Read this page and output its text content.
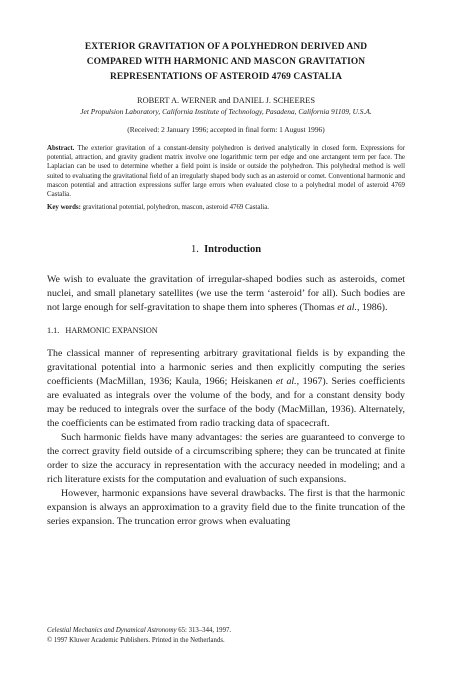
EXTERIOR GRAVITATION OF A POLYHEDRON DERIVED AND
COMPARED WITH HARMONIC AND MASCON GRAVITATION
REPRESENTATIONS OF ASTEROID 4769 CASTALIA
ROBERT A. WERNER and DANIEL J. SCHEERES
Jet Propulsion Laboratory, California Institute of Technology, Pasadena, California 91109, U.S.A.
(Received: 2 January 1996; accepted in final form: 1 August 1996)
Abstract. The exterior gravitation of a constant-density polyhedron is derived analytically in closed form. Expressions for potential, attraction, and gravity gradient matrix involve one logarithmic term per edge and one arctangent term per face. The Laplacian can be used to determine whether a field point is inside or outside the polyhedron. This polyhedral method is well suited to evaluating the gravitational field of an irregularly shaped body such as an asteroid or comet. Conventional harmonic and mascon potential and attraction expressions suffer large errors when evaluated close to a polyhedral model of asteroid 4769 Castalia.
Key words: gravitational potential, polyhedron, mascon, asteroid 4769 Castalia.
1. Introduction

We wish to evaluate the gravitation of irregular-shaped bodies such as asteroids, comet nuclei, and small planetary satellites (we use the term ‘asteroid’ for all). Such bodies are not large enough for self-gravitation to shape them into spheres (Thomas et al., 1986).

1.1. HARMONIC EXPANSION

The classical manner of representing arbitrary gravitational fields is by expanding the gravitational potential into a harmonic series and then explicitly computing the series coefficients (MacMillan, 1936; Kaula, 1966; Heiskanen et al., 1967). Series coefficients are evaluated as integrals over the volume of the body, and for a constant density body may be reduced to integrals over the surface of the body (MacMillan, 1936). Alternately, the coefficients can be estimated from radio tracking data of spacecraft.

Such harmonic fields have many advantages: the series are guaranteed to converge to the correct gravity field outside of a circumscribing sphere; they can be truncated at finite order to size the accuracy in representation with the accuracy needed in modeling; and a rich literature exists for the computation and evaluation of such expansions.

However, harmonic expansions have several drawbacks. The first is that the harmonic expansion is always an approximation to a gravity field due to the finite truncation of the series expansion. The truncation error grows when evaluating

Celestial Mechanics and Dynamical Astronomy 65: 313–344, 1997.
© 1997 Kluwer Academic Publishers. Printed in the Netherlands.
